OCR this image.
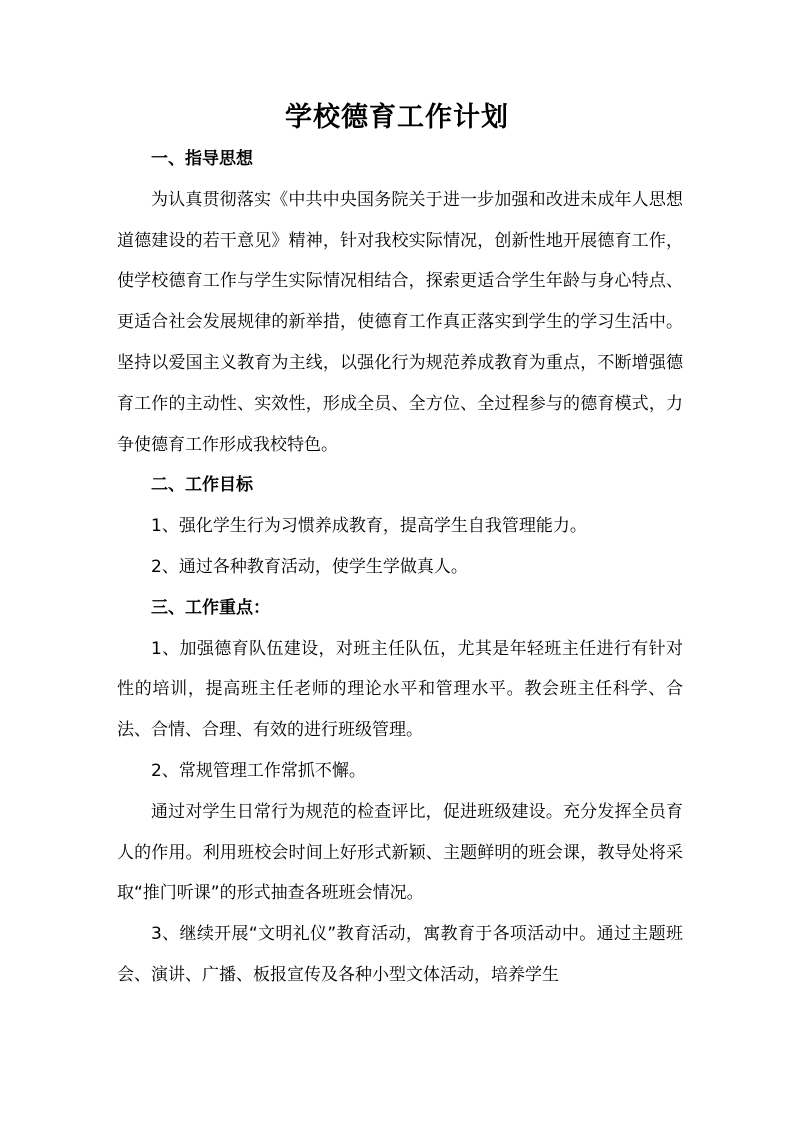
学校德育工作计划

一、指导思想

为认真贯彻落实《中共中央国务院关于进一步加强和改进未成年人思想道德建设的若干意见》精神，针对我校实际情况，创新性地开展德育工作，使学校德育工作与学生实际情况相结合，探索更适合学生年龄与身心特点、更适合社会发展规律的新举措，使德育工作真正落实到学生的学习生活中。坚持以爱国主义教育为主线，以强化行为规范养成教育为重点，不断增强德育工作的主动性、实效性，形成全员、全方位、全过程参与的德育模式，力争使德育工作形成我校特色。

二、工作目标

1、强化学生行为习惯养成教育，提高学生自我管理能力。

2、通过各种教育活动，使学生学做真人。

三、工作重点：

1、加强德育队伍建设，对班主任队伍，尤其是年轻班主任进行有针对性的培训，提高班主任老师的理论水平和管理水平。教会班主任科学、合法、合情、合理、有效的进行班级管理。

2、常规管理工作常抓不懈。

通过对学生日常行为规范的检查评比，促进班级建设。充分发挥全员育人的作用。利用班校会时间上好形式新颖、主题鲜明的班会课，教导处将采取“推门听课”的形式抽查各班班会情况。

3、继续开展“文明礼仪”教育活动，寓教育于各项活动中。通过主题班会、演讲、广播、板报宣传及各种小型文体活动，培养学生
